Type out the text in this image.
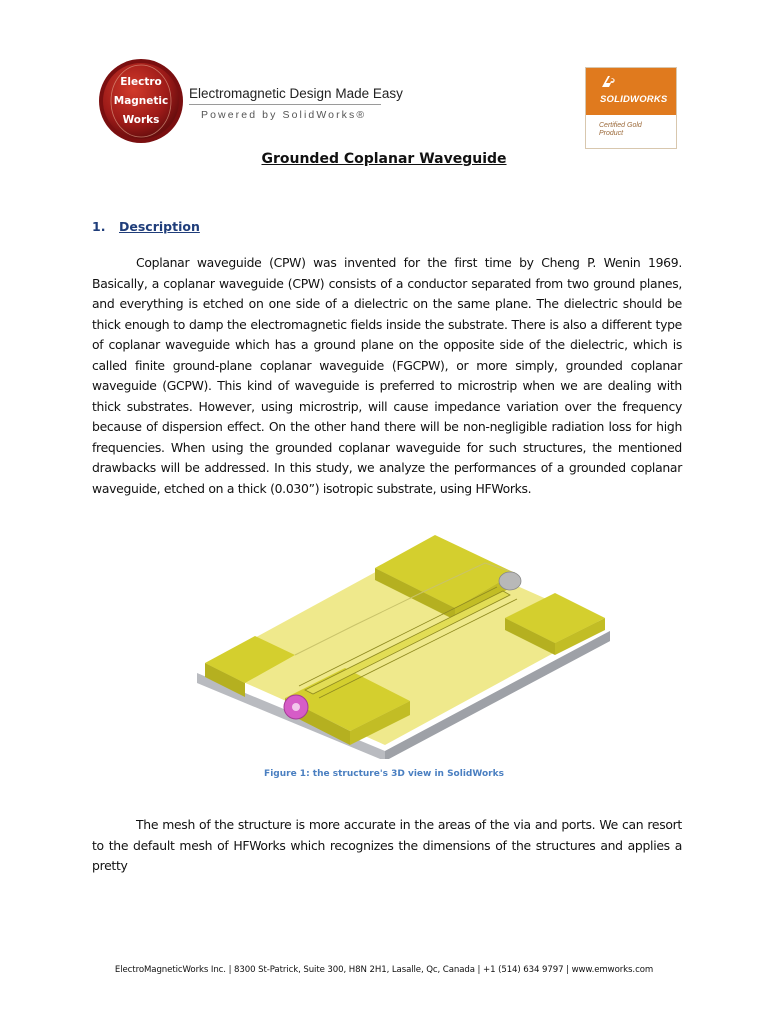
Electro
Magnetic
Works
Electromagnetic Design Made Easy
Powered by SolidWorks®
SOLIDWORKS
Certified Gold
Product
Grounded Coplanar Waveguide
1. Description
Coplanar waveguide (CPW) was invented for the first time by Cheng P. Wenin 1969. Basically, a coplanar waveguide (CPW) consists of a conductor separated from two ground planes, and everything is etched on one side of a dielectric on the same plane. The dielectric should be thick enough to damp the electromagnetic fields inside the substrate. There is also a different type of coplanar waveguide which has a ground plane on the opposite side of the dielectric, which is called finite ground-plane coplanar waveguide (FGCPW), or more simply, grounded coplanar waveguide (GCPW). This kind of waveguide is preferred to microstrip when we are dealing with thick substrates. However, using microstrip, will cause impedance variation over the frequency because of dispersion effect. On the other hand there will be non-negligible radiation loss for high frequencies. When using the grounded coplanar waveguide for such structures, the mentioned drawbacks will be addressed. In this study, we analyze the performances of a grounded coplanar waveguide, etched on a thick (0.030”) isotropic substrate, using HFWorks.
Figure 1: the structure's 3D view in SolidWorks
The mesh of the structure is more accurate in the areas of the via and ports. We can resort to the default mesh of HFWorks which recognizes the dimensions of the structures and applies a pretty
ElectroMagneticWorks Inc. | 8300 St-Patrick, Suite 300, H8N 2H1, Lasalle, Qc, Canada | +1 (514) 634 9797 | www.emworks.com
